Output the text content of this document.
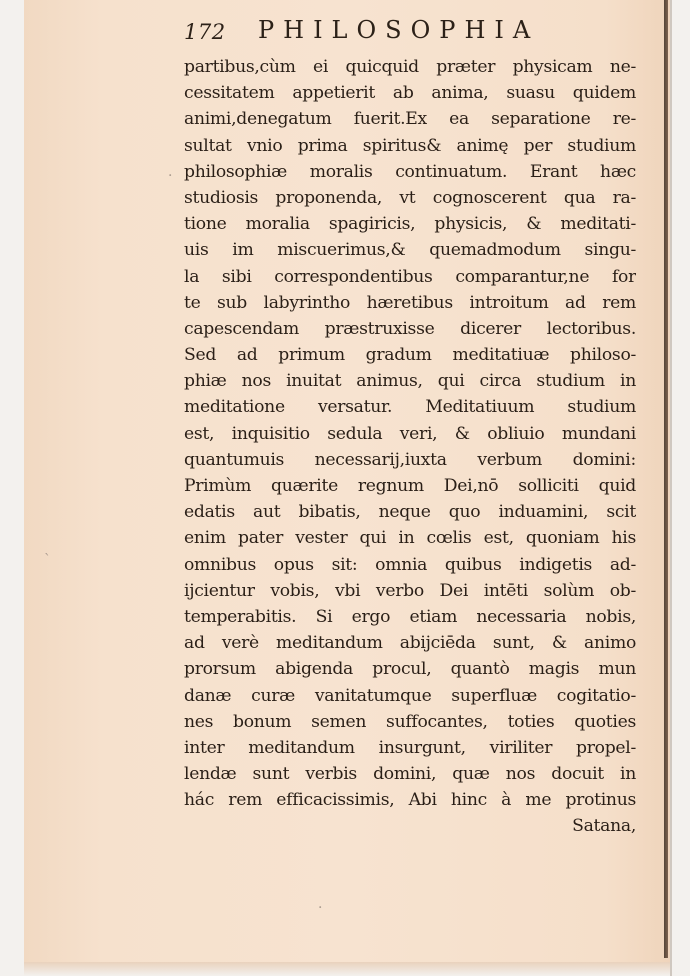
·
ˋ
·
172 PHILOSOPHIA
partibus,cùm ei quicquid præter physicam ne-
cessitatem appetierit ab anima, suasu quidem
animi,denegatum fuerit.Ex ea separatione re-
sultat vnio prima spiritus& animę per studium
philosophiæ moralis continuatum. Erant hæc
studiosis proponenda, vt cognoscerent qua ra-
tione moralia spagiricis, physicis, & meditati-
uis im miscuerimus,& quemadmodum singu-
la sibi correspondentibus comparantur,ne for
te sub labyrintho hæretibus introitum ad rem
capescendam præstruxisse dicerer lectoribus.
Sed ad primum gradum meditatiuæ philoso-
phiæ nos inuitat animus, qui circa studium in
meditatione versatur. Meditatiuum studium
est, inquisitio sedula veri, & obliuio mundani
quantumuis necessarij,iuxta verbum domini:
Primùm quærite regnum Dei,nō solliciti quid
edatis aut bibatis, neque quo induamini, scit
enim pater vester qui in cœlis est, quoniam his
omnibus opus sit: omnia quibus indigetis ad-
ijcientur vobis, vbi verbo Dei intēti solùm ob-
temperabitis. Si ergo etiam necessaria nobis,
ad verè meditandum abijciēda sunt, & animo
prorsum abigenda procul, quantò magis mun
danæ curæ vanitatumque superfluæ cogitatio-
nes bonum semen suffocantes, toties quoties
inter meditandum insurgunt, viriliter propel-
lendæ sunt verbis domini, quæ nos docuit in
hác rem efficacissimis, Abi hinc à me protinus
Satana,
